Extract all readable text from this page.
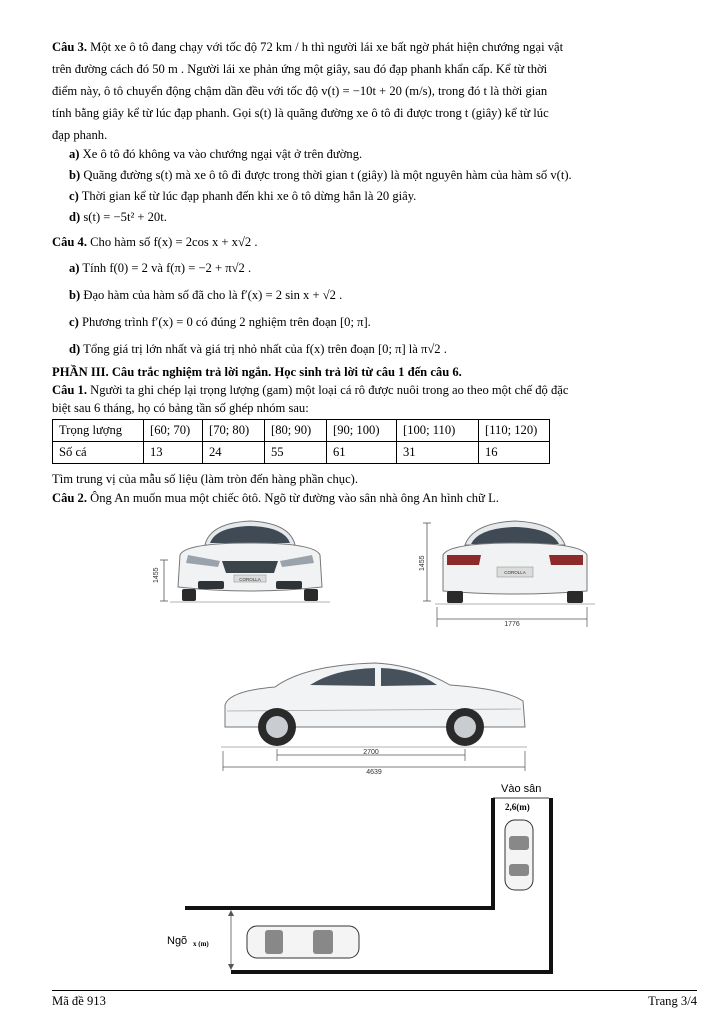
Câu 3. Một xe ô tô đang chạy với tốc độ 72 km / h thì người lái xe bất ngờ phát hiện chướng ngại vật
trên đường cách đó 50 m . Người lái xe phản ứng một giây, sau đó đạp phanh khẩn cấp. Kể từ thời
điểm này, ô tô chuyển động chậm dần đều với tốc độ v(t) = −10t + 20 (m/s), trong đó t là thời gian
tính bằng giây kể từ lúc đạp phanh. Gọi s(t) là quãng đường xe ô tô đi được trong t (giây) kể từ lúc
đạp phanh.
a) Xe ô tô đó không va vào chướng ngại vật ở trên đường.
b) Quãng đường s(t) mà xe ô tô đi được trong thời gian t (giây) là một nguyên hàm của hàm số v(t).
c) Thời gian kể từ lúc đạp phanh đến khi xe ô tô dừng hẳn là 20 giây.
d) s(t) = −5t² + 20t.
Câu 4. Cho hàm số f(x) = 2cos x + x√2 .
a) Tính f(0) = 2 và f(π) = −2 + π√2 .
b) Đạo hàm của hàm số đã cho là f′(x) = 2 sin x + √2 .
c) Phương trình f′(x) = 0 có đúng 2 nghiệm trên đoạn [0; π].
d) Tổng giá trị lớn nhất và giá trị nhỏ nhất của f(x) trên đoạn [0; π] là π√2 .
PHẦN III. Câu trắc nghiệm trả lời ngắn. Học sinh trả lời từ câu 1 đến câu 6.
Câu 1. Người ta ghi chép lại trọng lượng (gam) một loại cá rô được nuôi trong ao theo một chế độ đặc
biệt sau 6 tháng, họ có bảng tần số ghép nhóm sau:
Trọng lượng	[60; 70)	[70; 80)	[80; 90)	[90; 100)	[100; 110)	[110; 120)
Số cá	13	24	55	61	31	16
Tìm trung vị của mẫu số liệu (làm tròn đến hàng phần chục).
Câu 2. Ông An muốn mua một chiếc ôtô. Ngõ từ đường vào sân nhà ông An hình chữ L.
1455	COROLLA
1455
COROLLA
1776
2700
4639
Vào sân
2,6(m)
Ngõ x (m)
Mã đề 913	Trang 3/4
